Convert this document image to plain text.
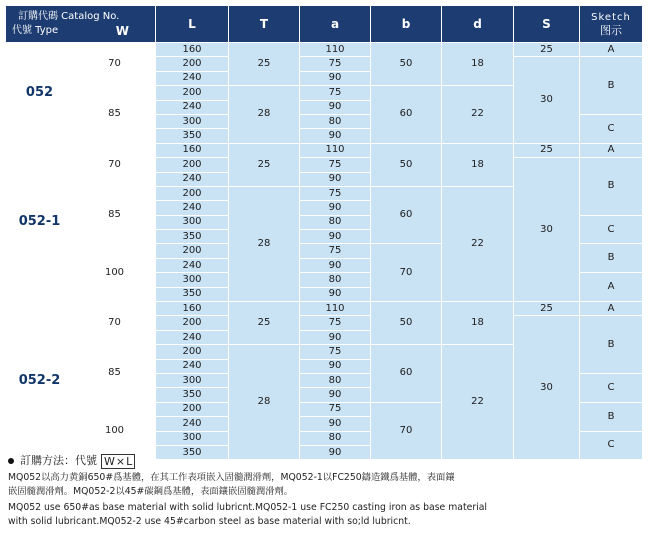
訂購代碼 Catalog No.
代號 Type W		L	T	a	b	d	S	Sketch
图示

052	70	160	25	110	50	18	25	A
		200		75			30	B
		240		90				
	85	200	28	75	60	22		
		240		90				
		300		80				C
		350		90				
052-1	70	160	25	110	50	18	25	A
		200		75			30	B
		240		90				
	85	200	28	75	60	22		
		240		90				
		300		80				C
		350		90				
	100	200		75	70			B
		240		90				
		300		80				A
		350		90				
052-2	70	160	25	110	50	18	25	A
		200		75			30	B
		240		90				
	85	200	28	75	60	22		
		240		90				
		300		80				C
		350		90				
	100	200		75	70			B
		240		90				
		300		80				C
		350		90				
訂購方法：代號 W×L

MQ052以高力黄銅650#爲基體，在其工作表項嵌入固髓潤滑劑，MQ052-1以FC250鑄造鐵爲基體，表面鑲

嵌固髓潤滑劑。MQ052-2以45#碳鋼爲基體，表面鑲嵌固髓潤滑劑。

MQ052 use 650#as base material with solid lubricnt.MQ052-1 use FC250 casting iron as base material

with solid lubricant.MQ052-2 use 45#carbon steel as base material with so;ld lubricnt.
